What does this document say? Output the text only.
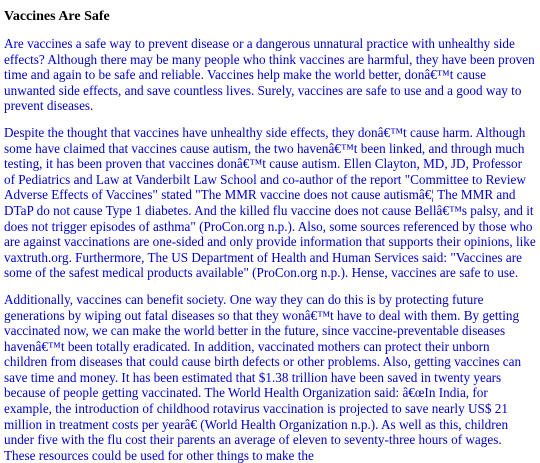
Vaccines Are Safe

Are vaccines a safe way to prevent disease or a dangerous unnatural practice with unhealthy side effects? Although there may be many people who think vaccines are harmful, they have been proven time and again to be safe and reliable. Vaccines help make the world better, donâ€™t cause unwanted side effects, and save countless lives. Surely, vaccines are safe to use and a good way to prevent diseases.

Despite the thought that vaccines have unhealthy side effects, they donâ€™t cause harm. Although some have claimed that vaccines cause autism, the two havenâ€™t been linked, and through much testing, it has been proven that vaccines donâ€™t cause autism. Ellen Clayton, MD, JD, Professor of Pediatrics and Law at Vanderbilt Law School and co-author of the report "Committee to Review Adverse Effects of Vaccines" stated "The MMR vaccine does not cause autismâ€¦ The MMR and DTaP do not cause Type 1 diabetes. And the killed flu vaccine does not cause Bellâ€™s palsy, and it does not trigger episodes of asthma" (ProCon.org n.p.). Also, some sources referenced by those who are against vaccinations are one-sided and only provide information that supports their opinions, like vaxtruth.org. Furthermore, The US Department of Health and Human Services said: "Vaccines are some of the safest medical products available" (ProCon.org n.p.). Hense, vaccines are safe to use.

Additionally, vaccines can benefit society. One way they can do this is by protecting future generations by wiping out fatal diseases so that they wonâ€™t have to deal with them. By getting vaccinated now, we can make the world better in the future, since vaccine-preventable diseases havenâ€™t been totally eradicated. In addition, vaccinated mothers can protect their unborn children from diseases that could cause birth defects or other problems. Also, getting vaccines can save time and money. It has been estimated that $1.38 trillion have been saved in twenty years because of people getting vaccinated. The World Health Organization said: â€œIn India, for example, the introduction of childhood rotavirus vaccination is projected to save nearly US$ 21 million in treatment costs per yearâ€ (World Health Organization n.p.). As well as this, children under five with the flu cost their parents an average of eleven to seventy-three hours of wages. These resources could be used for other things to make the
